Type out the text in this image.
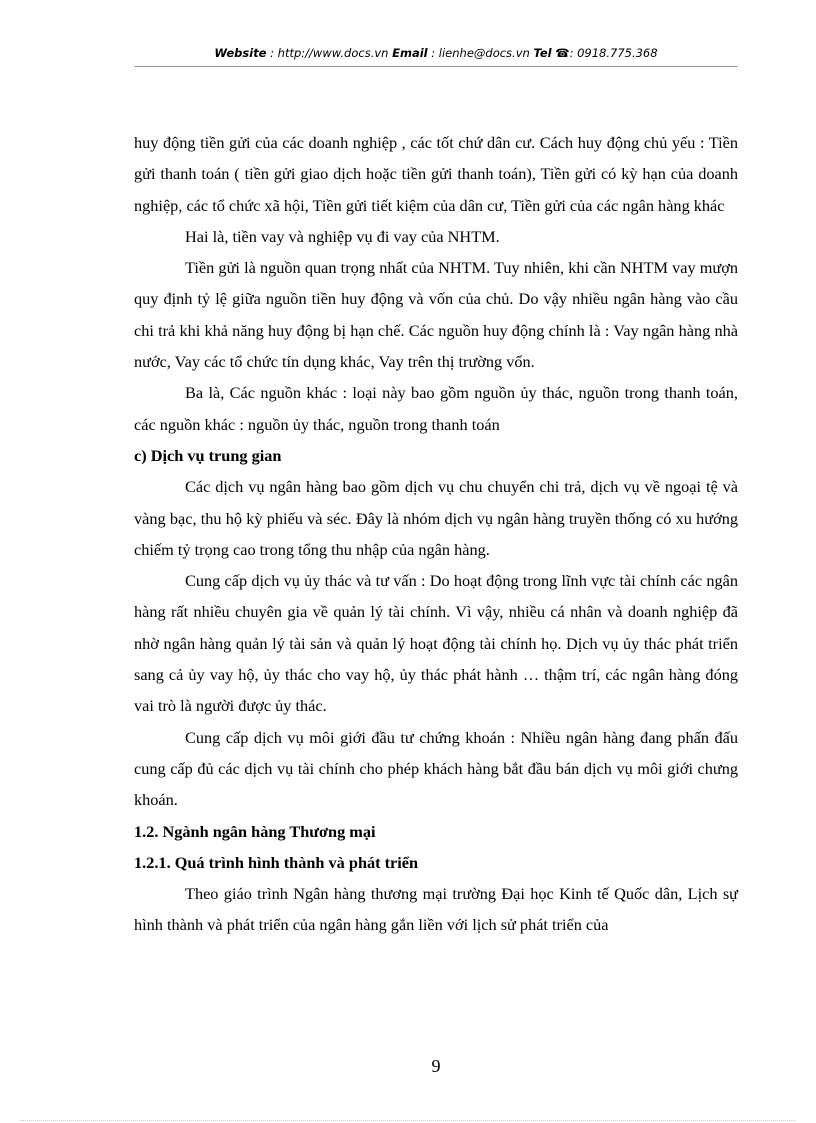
Website : http://www.docs.vn Email : lienhe@docs.vn Tel ☎: 0918.775.368

huy động tiền gửi của các doanh nghiệp , các tốt chứ dân cư. Cách huy động chủ yếu : Tiền gửi thanh toán ( tiền gửi giao dịch hoặc tiền gửi thanh toán), Tiền gửi có kỳ hạn của doanh nghiệp, các tổ chức xã hội, Tiền gửi tiết kiệm của dân cư, Tiền gửi của các ngân hàng khác

Hai là, tiền vay và nghiệp vụ đi vay của NHTM.

Tiền gửi là nguồn quan trọng nhất của NHTM. Tuy nhiên, khi cần NHTM vay mượn quy định tỷ lệ giữa nguồn tiền huy động và vốn của chủ. Do vậy nhiều ngân hàng vào cầu chi trả khi khả năng huy động bị hạn chế. Các nguồn huy động chính là : Vay ngân hàng nhà nước, Vay các tổ chức tín dụng khác, Vay trên thị trường vốn.

Ba là, Các nguồn khác : loại này bao gồm nguồn ủy thác, nguồn trong thanh toán, các nguồn khác : nguồn ủy thác, nguồn trong thanh toán

c) Dịch vụ trung gian

Các dịch vụ ngân hàng bao gồm dịch vụ chu chuyển chi trả, dịch vụ về ngoại tệ và vàng bạc, thu hộ kỳ phiếu và séc. Đây là nhóm dịch vụ ngân hàng truyền thống có xu hướng chiếm tỷ trọng cao trong tổng thu nhập của ngân hàng.

Cung cấp dịch vụ ủy thác và tư vấn : Do hoạt động trong lĩnh vực tài chính các ngân hàng rất nhiều chuyên gia về quản lý tài chính. Vì vậy, nhiều cá nhân và doanh nghiệp đã nhờ ngân hàng quản lý tài sản và quản lý hoạt động tài chính họ. Dịch vụ ủy thác phát triển sang cả ủy vay hộ, ủy thác cho vay hộ, ủy thác phát hành … thậm trí, các ngân hàng đóng vai trò là người được ủy thác.

Cung cấp dịch vụ môi giới đầu tư chứng khoán : Nhiều ngân hàng đang phấn đấu cung cấp đủ các dịch vụ tài chính cho phép khách hàng bắt đầu bán dịch vụ môi giới chưng khoán.

1.2. Ngành ngân hàng Thương mại

1.2.1. Quá trình hình thành và phát triển

Theo giáo trình Ngân hàng thương mại trường Đại học Kinh tế Quốc dân, Lịch sự hình thành và phát triển của ngân hàng gắn liền với lịch sử phát triển của

9
